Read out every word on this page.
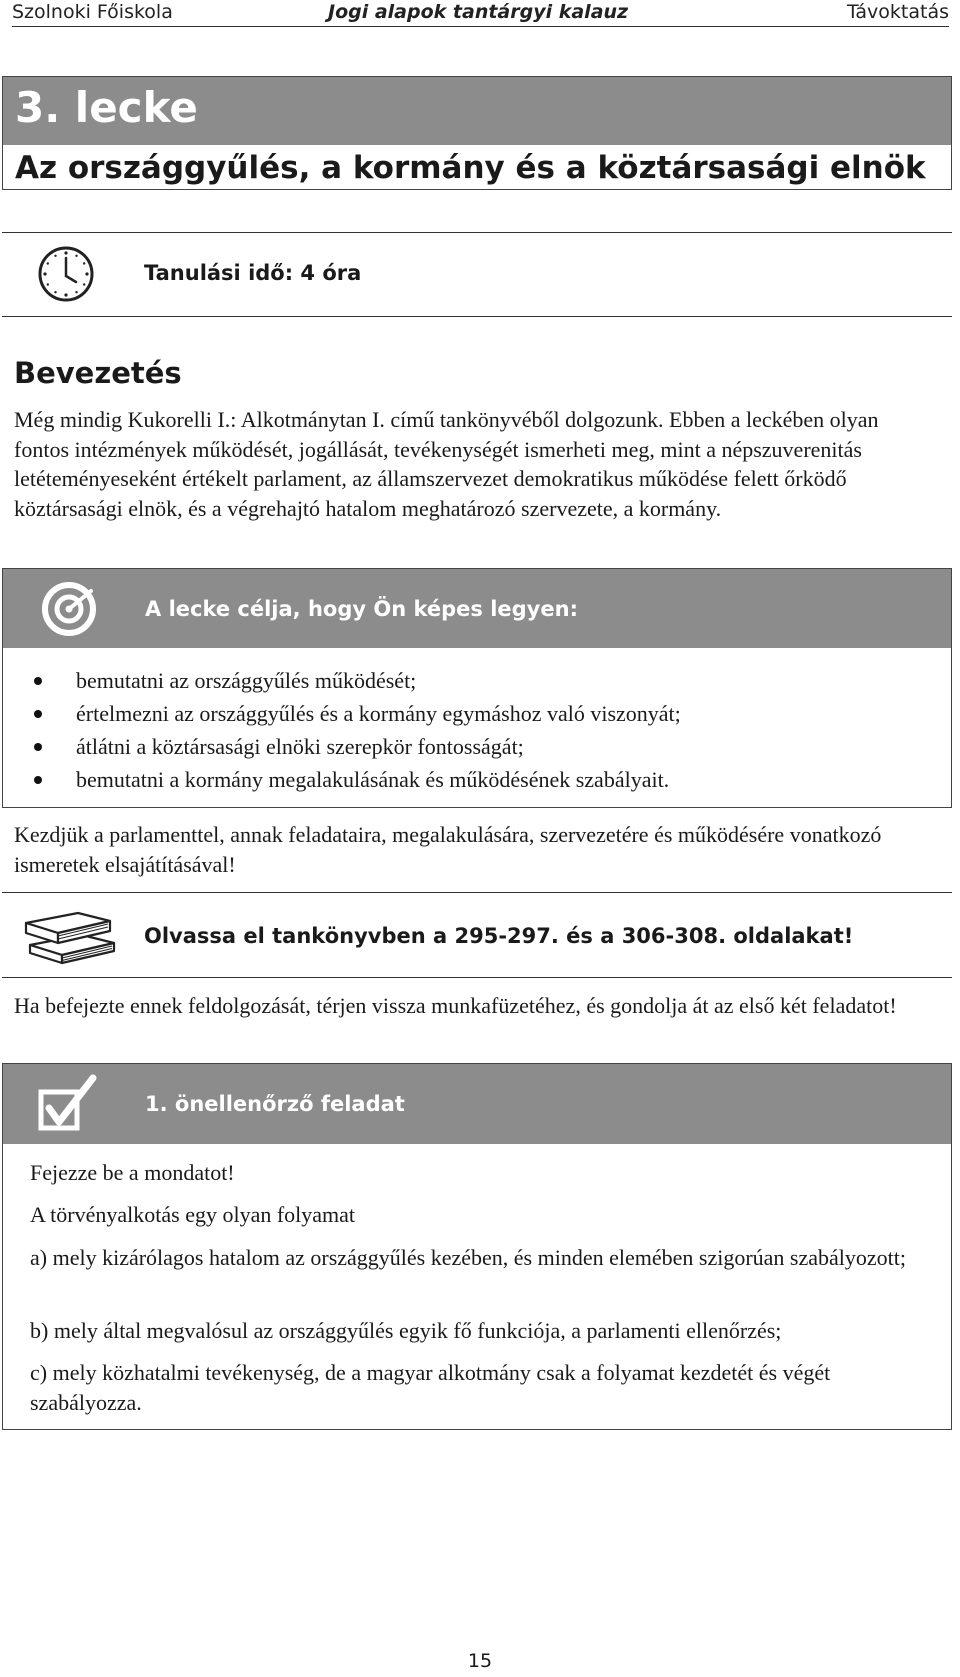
Szolnoki Főiskola	Jogi alapok tantárgyi kalauz	Távoktatás
3. lecke
Az országgyűlés, a kormány és a köztársasági elnök
Tanulási idő: 4 óra
Bevezetés

Még mindig Kukorelli I.: Alkotmánytan I. című tankönyvéből dolgozunk. Ebben a leckében olyan fontos intézmények működését, jogállását, tevékenységét ismerheti meg, mint a népszuverenitás letéteményeseként értékelt parlament, az államszervezet demokratikus működése felett őrködő köztársasági elnök, és a végrehajtó hatalom meghatározó szervezete, a kormány.

A lecke célja, hogy Ön képes legyen:
bemutatni az országgyűlés működését;
értelmezni az országgyűlés és a kormány egymáshoz való viszonyát;
átlátni a köztársasági elnöki szerepkör fontosságát;
bemutatni a kormány megalakulásának és működésének szabályait.

Kezdjük a parlamenttel, annak feladataira, megalakulására, szervezetére és működésére vonatkozó ismeretek elsajátításával!

Olvassa el tankönyvben a 295-297. és a 306-308. oldalakat!

Ha befejezte ennek feldolgozását, térjen vissza munkafüzetéhez, és gondolja át az első két feladatot!

1. önellenőrző feladat

Fejezze be a mondatot!

A törvényalkotás egy olyan folyamat

a) mely kizárólagos hatalom az országgyűlés kezében, és minden elemében szigorúan szabályozott;

b) mely által megvalósul az országgyűlés egyik fő funkciója, a parlamenti ellenőrzés;

c) mely közhatalmi tevékenység, de a magyar alkotmány csak a folyamat kezdetét és végét szabályozza.

15
